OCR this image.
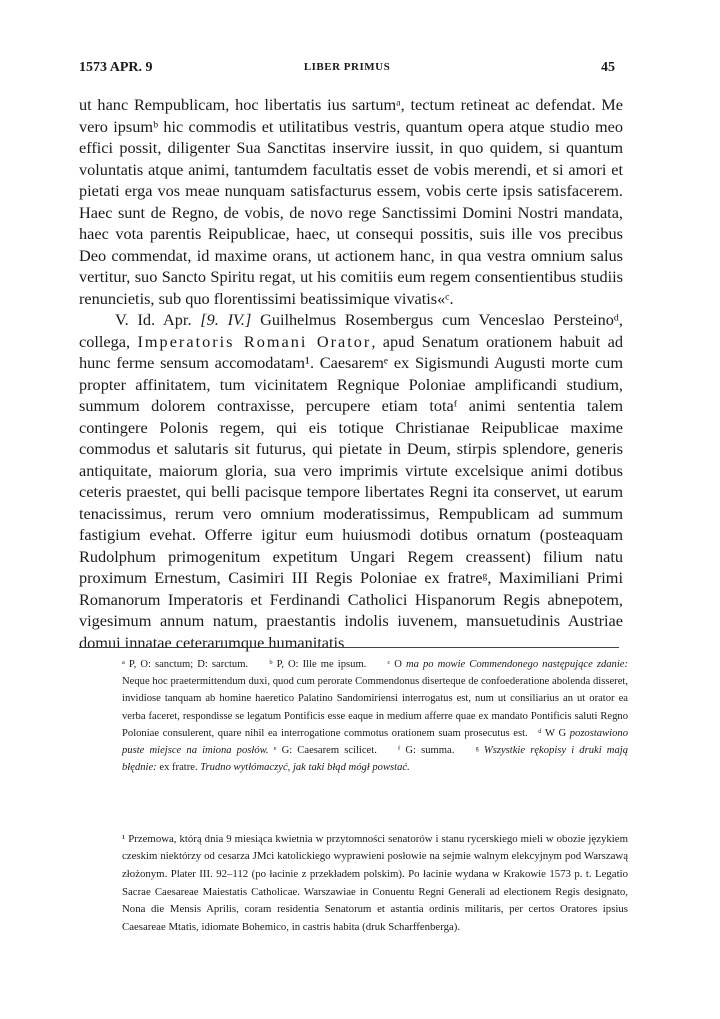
1573 APR. 9	LIBER PRIMUS	45

ut hanc Rempublicam, hoc libertatis ius sartumᵃ, tectum retineat ac defendat. Me vero ipsumᵇ hic commodis et utilitatibus vestris, quantum opera atque studio meo effici possit, diligenter Sua Sanctitas inservire iussit, in quo quidem, si quantum voluntatis atque animi, tantumdem facultatis esset de vobis merendi, et si amori et pietati erga vos meae nunquam satisfacturus essem, vobis certe ipsis satisfacerem. Haec sunt de Regno, de vobis, de novo rege Sanctissimi Domini Nostri mandata, haec vota parentis Reipublicae, haec, ut consequi possitis, suis ille vos precibus Deo commendat, id maxime orans, ut actionem hanc, in qua vestra omnium salus vertitur, suo Sancto Spiritu regat, ut his comitiis eum regem consentientibus studiis renuncietis, sub quo florentissimi beatissimique vivatis«ᶜ.

V. Id. Apr. [9. IV.] Guilhelmus Rosembergus cum Venceslao Persteinoᵈ, collega, Imperatoris Romani Orator, apud Senatum orationem habuit ad hunc ferme sensum accomodatam¹. Caesaremᵉ ex Sigismundi Augusti morte cum propter affinitatem, tum vicinitatem Regnique Poloniae amplificandi studium, summum dolorem contraxisse, percupere etiam totaᶠ animi sententia talem contingere Polonis regem, qui eis totique Christianae Reipublicae maxime commodus et salutaris sit futurus, qui pietate in Deum, stirpis splendore, generis antiquitate, maiorum gloria, sua vero imprimis virtute excelsique animi dotibus ceteris praestet, qui belli pacisque tempore libertates Regni ita conservet, ut earum tenacissimus, rerum vero omnium moderatissimus, Rempublicam ad summum fastigium evehat. Offerre igitur eum huiusmodi dotibus ornatum (posteaquam Rudolphum primogenitum expetitum Ungari Regem creassent) filium natu proximum Ernestum, Casimiri III Regis Poloniae ex fratreᵍ, Maximiliani Primi Romanorum Imperatoris et Ferdinandi Catholici Hispanorum Regis abnepotem, vigesimum annum natum, praestantis indolis iuvenem, mansuetudinis Austriae domui innatae ceterarumque humanitatis

ᵃ P, O: sanctum; D: sarctum.   ᵇ P, O: Ille me ipsum.   ᶜ O ma po mowie Commendonego następujące zdanie: Neque hoc praetermittendum duxi, quod cum perorate Commendonus diserteque de confoederatione abolenda disseret, invidiose tanquam ab homine haeretico Palatino Sandomiriensi interrogatus est, num ut consiliarius an ut orator ea verba faceret, respondisse se legatum Pontificis esse eaque in medium afferre quae ex mandato Pontificis saluti Regno Poloniae consulerent, quare nihil ea interrogatione commotus orationem suam prosecutus est.  ᵈ W G pozostawiono puste miejsce na imiona posłów. ᵉ G: Caesarem scilicet.   ᶠ G: summa.   ᵍ Wszystkie rękopisy i druki mają błędnie: ex fratre. Trudno wytłómaczyć, jak taki błąd mógł powstać.

¹ Przemowa, którą dnia 9 miesiąca kwietnia w przytomności senatorów i stanu rycerskiego mieli w obozie językiem czeskim niektórzy od cesarza JMci katolickiego wyprawieni posłowie na sejmie walnym elekcyjnym pod Warszawą złożonym. Plater III. 92–112 (po łacinie z przekładem polskim). Po łacinie wydana w Krakowie 1573 p. t. Legatio Sacrae Caesareae Maiestatis Catholicae. Warszawiae in Conuentu Regni Generali ad electionem Regis designato, Nona die Mensis Aprilis, coram residentia Senatorum et astantia ordinis militaris, per certos Oratores ipsius Caesareae Mtatis, idiomate Bohemico, in castris habita (druk Scharffenberga).
